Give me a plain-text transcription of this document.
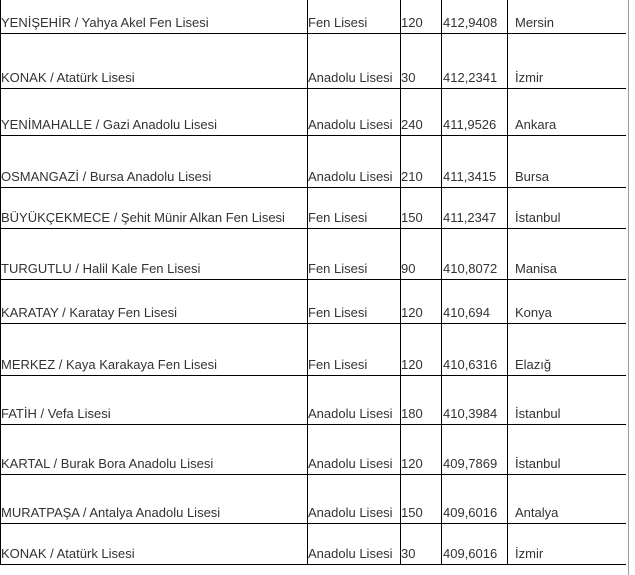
YENİŞEHİR / Yahya Akel Fen Lisesi	Fen Lisesi	120	412,9408	Mersin
KONAK / Atatürk Lisesi	Anadolu Lisesi	30	412,2341	İzmir
YENİMAHALLE / Gazi Anadolu Lisesi	Anadolu Lisesi	240	411,9526	Ankara
OSMANGAZİ / Bursa Anadolu Lisesi	Anadolu Lisesi	210	411,3415	Bursa
BÜYÜKÇEKMECE / Şehit Münir Alkan Fen Lisesi	Fen Lisesi	150	411,2347	İstanbul
TURGUTLU / Halil Kale Fen Lisesi	Fen Lisesi	90	410,8072	Manisa
KARATAY / Karatay Fen Lisesi	Fen Lisesi	120	410,694	Konya
MERKEZ / Kaya Karakaya Fen Lisesi	Fen Lisesi	120	410,6316	Elazığ
FATİH / Vefa Lisesi	Anadolu Lisesi	180	410,3984	İstanbul
KARTAL / Burak Bora Anadolu Lisesi	Anadolu Lisesi	120	409,7869	İstanbul
MURATPAŞA / Antalya Anadolu Lisesi	Anadolu Lisesi	150	409,6016	Antalya
KONAK / Atatürk Lisesi	Anadolu Lisesi	30	409,6016	İzmir
